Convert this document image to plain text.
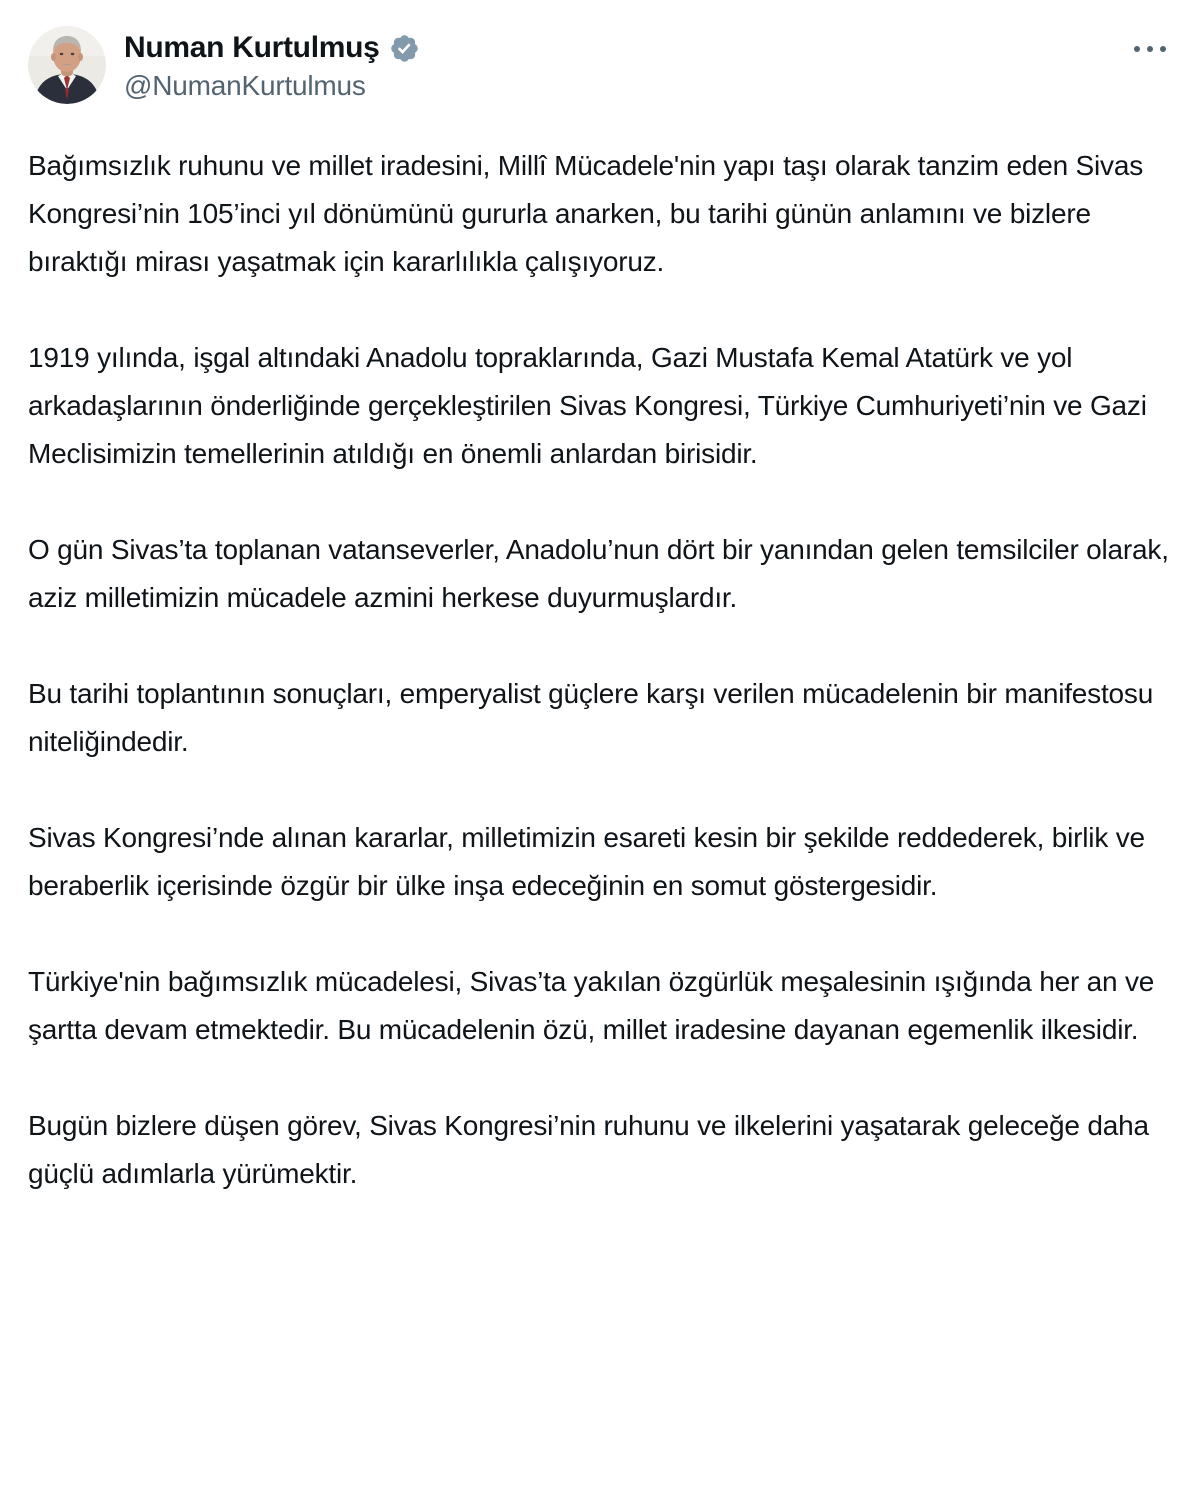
Numan Kurtulmuş
@NumanKurtulmus

Bağımsızlık ruhunu ve millet iradesini, Millî Mücadele'nin yapı taşı olarak tanzim eden Sivas Kongresi’nin 105’inci yıl dönümünü gururla anarken, bu tarihi günün anlamını ve bizlere bıraktığı mirası yaşatmak için kararlılıkla çalışıyoruz.

1919 yılında, işgal altındaki Anadolu topraklarında, Gazi Mustafa Kemal Atatürk ve yol arkadaşlarının önderliğinde gerçekleştirilen Sivas Kongresi, Türkiye Cumhuriyeti’nin ve Gazi Meclisimizin temellerinin atıldığı en önemli anlardan birisidir.

O gün Sivas’ta toplanan vatanseverler, Anadolu’nun dört bir yanından gelen temsilciler olarak, aziz milletimizin mücadele azmini herkese duyurmuşlardır.

Bu tarihi toplantının sonuçları, emperyalist güçlere karşı verilen mücadelenin bir manifestosu niteliğindedir.

Sivas Kongresi’nde alınan kararlar, milletimizin esareti kesin bir şekilde reddederek, birlik ve beraberlik içerisinde özgür bir ülke inşa edeceğinin en somut göstergesidir.

Türkiye'nin bağımsızlık mücadelesi, Sivas’ta yakılan özgürlük meşalesinin ışığında her an ve şartta devam etmektedir. Bu mücadelenin özü, millet iradesine dayanan egemenlik ilkesidir.

Bugün bizlere düşen görev, Sivas Kongresi’nin ruhunu ve ilkelerini yaşatarak geleceğe daha güçlü adımlarla yürümektir.
